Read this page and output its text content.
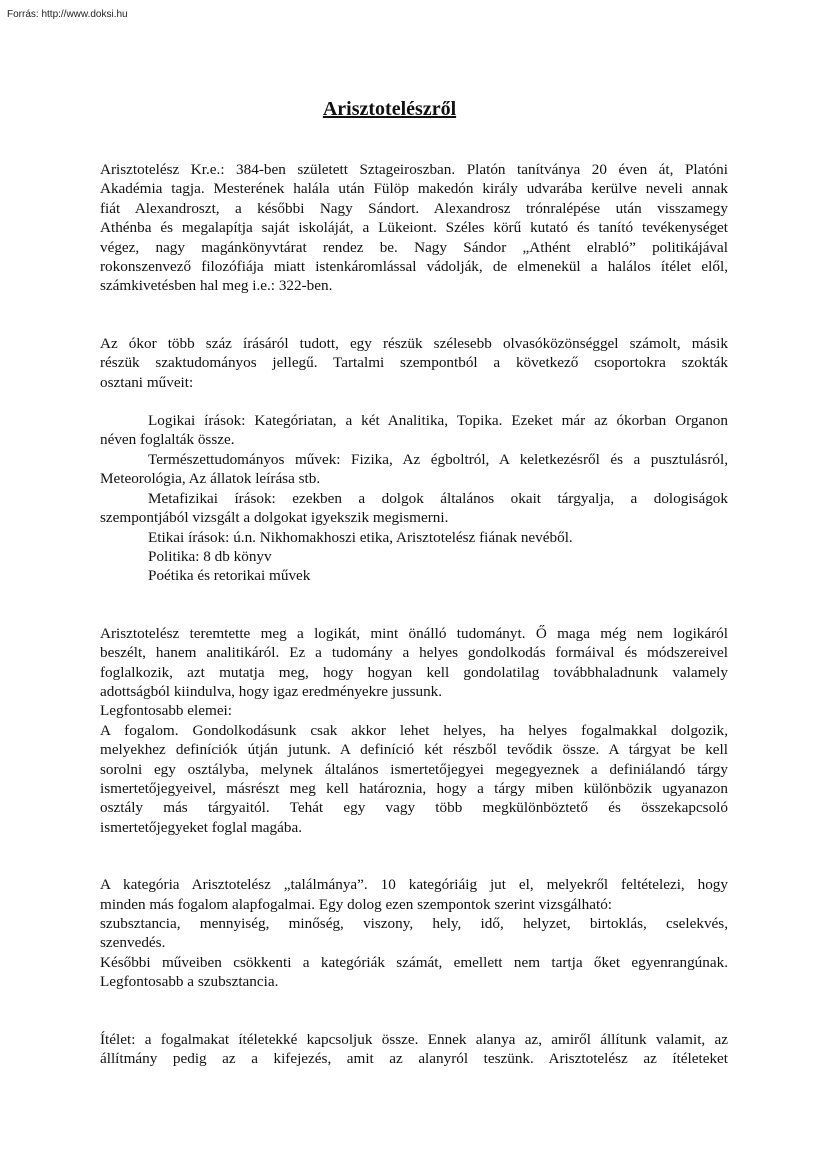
Forrás: http://www.doksi.hu
Arisztotelészről

Arisztotelész Kr.e.: 384-ben született Sztageiroszban. Platón tanítványa 20 éven át, Platóni

Akadémia tagja. Mesterének halála után Fülöp makedón király udvarába kerülve neveli annak

fiát Alexandroszt, a későbbi Nagy Sándort. Alexandrosz trónralépése után visszamegy

Athénba és megalapítja saját iskoláját, a Lükeiont. Széles körű kutató és tanító tevékenységet

végez, nagy magánkönyvtárat rendez be. Nagy Sándor „Athént elrabló” politikájával

rokonszenvező filozófiája miatt istenkáromlással vádolják, de elmenekül a halálos ítélet elől,

számkivetésben hal meg i.e.: 322-ben.

Az ókor több száz írásáról tudott, egy részük szélesebb olvasóközönséggel számolt, másik

részük szaktudományos jellegű. Tartalmi szempontból a következő csoportokra szokták

osztani műveit:

Logikai írások: Kategóriatan, a két Analitika, Topika. Ezeket már az ókorban Organon

néven foglalták össze.

Természettudományos művek: Fizika, Az égboltról, A keletkezésről és a pusztulásról,

Meteorológia, Az állatok leírása stb.

Metafizikai írások: ezekben a dolgok általános okait tárgyalja, a dologiságok

szempontjából vizsgált a dolgokat igyekszik megismerni.

Etikai írások: ú.n. Nikhomakhoszi etika, Arisztotelész fiának nevéből.

Politika: 8 db könyv

Poétika és retorikai művek

Arisztotelész teremtette meg a logikát, mint önálló tudományt. Ő maga még nem logikáról

beszélt, hanem analitikáról. Ez a tudomány a helyes gondolkodás formáival és módszereivel

foglalkozik, azt mutatja meg, hogy hogyan kell gondolatilag továbbhaladnunk valamely

adottságból kiindulva, hogy igaz eredményekre jussunk.

Legfontosabb elemei:

A fogalom. Gondolkodásunk csak akkor lehet helyes, ha helyes fogalmakkal dolgozik,

melyekhez definíciók útján jutunk. A definíció két részből tevődik össze. A tárgyat be kell

sorolni egy osztályba, melynek általános ismertetőjegyei megegyeznek a definiálandó tárgy

ismertetőjegyeivel, másrészt meg kell határoznia, hogy a tárgy miben különbözik ugyanazon

osztály más tárgyaitól. Tehát egy vagy több megkülönböztető és összekapcsoló

ismertetőjegyeket foglal magába.

A kategória Arisztotelész „találmánya”. 10 kategóriáig jut el, melyekről feltételezi, hogy

minden más fogalom alapfogalmai. Egy dolog ezen szempontok szerint vizsgálható:

szubsztancia, mennyiség, minőség, viszony, hely, idő, helyzet, birtoklás, cselekvés,

szenvedés.

Későbbi műveiben csökkenti a kategóriák számát, emellett nem tartja őket egyenrangúnak.

Legfontosabb a szubsztancia.

Ítélet: a fogalmakat ítéletekké kapcsoljuk össze. Ennek alanya az, amiről állítunk valamit, az

állítmány pedig az a kifejezés, amit az alanyról teszünk. Arisztotelész az ítéleteket
